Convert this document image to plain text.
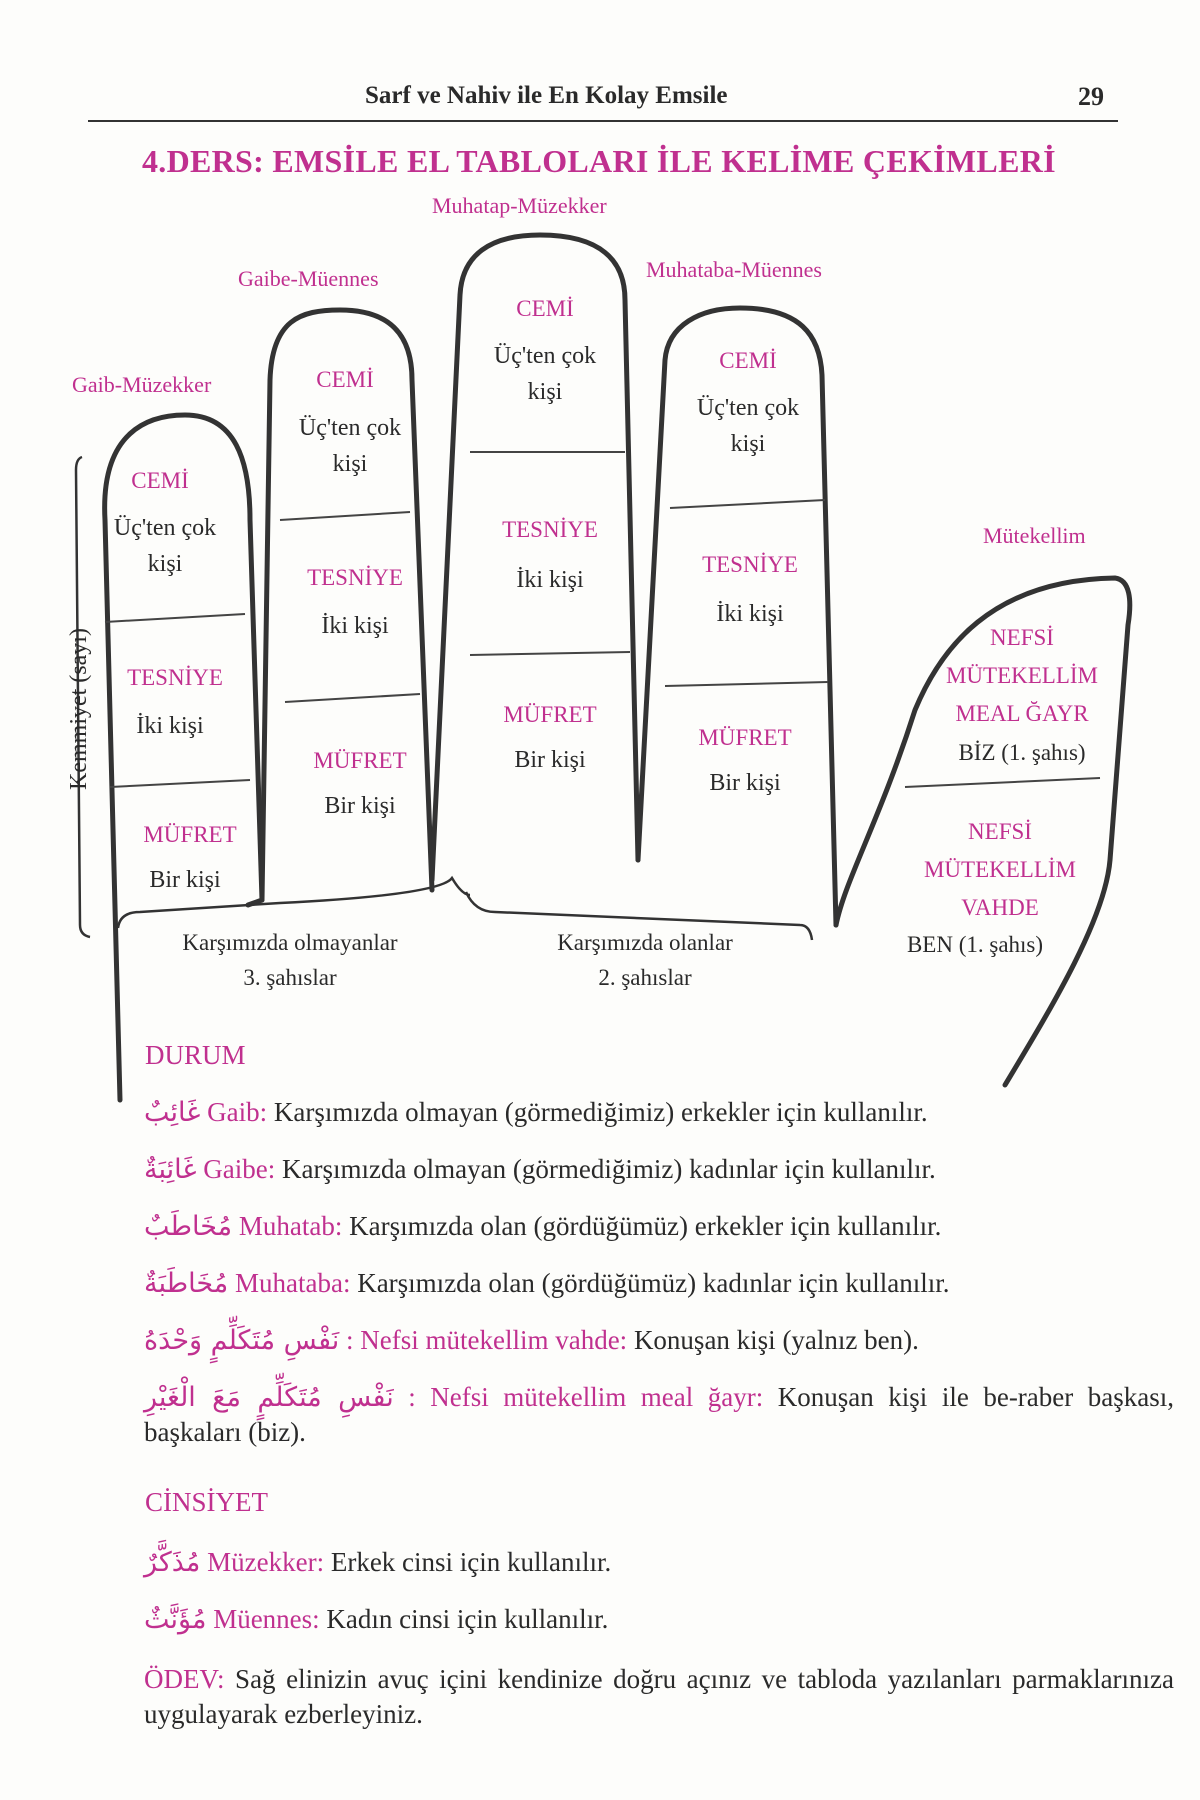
Sarf ve Nahiv ile En Kolay Emsile	29
4.DERS: EMSİLE EL TABLOLARI İLE KELİME ÇEKİMLERİ
Kemmiyet (sayı)
Gaib-Müzekker
Gaibe-Müennes
Muhatap-Müzekker
Muhataba-Müennes
Mütekellim
CEMİ
Üç'ten çok kişi
TESNİYE
İki kişi
MÜFRET
Bir kişi
CEMİ
Üç'ten çok kişi
TESNİYE
İki kişi
MÜFRET
Bir kişi
CEMİ
Üç'ten çok kişi
TESNİYE
İki kişi
MÜFRET
Bir kişi
CEMİ
Üç'ten çok kişi
TESNİYE
İki kişi
MÜFRET
Bir kişi
NEFSİ
MÜTEKELLİM
MEAL ĞAYR
BİZ (1. şahıs)
NEFSİ
MÜTEKELLİM
VAHDE
BEN (1. şahıs)
Karşımızda olmayanlar
3. şahıslar
Karşımızda olanlar
2. şahıslar
DURUM
غَائِبٌ Gaib: Karşımızda olmayan (görmediğimiz) erkekler için kullanılır.
غَائِبَةٌ Gaibe: Karşımızda olmayan (görmediğimiz) kadınlar için kullanılır.
مُخَاطَبٌ Muhatab: Karşımızda olan (gördüğümüz) erkekler için kullanılır.
مُخَاطَبَةٌ Muhataba: Karşımızda olan (gördüğümüz) kadınlar için kullanılır.
نَفْسِ مُتَكَلِّمٍ وَحْدَهُ : Nefsi mütekellim vahde: Konuşan kişi (yalnız ben).
نَفْسِ مُتَكَلِّمٍ مَعَ الْغَيْرِ : Nefsi mütekellim meal ğayr: Konuşan kişi ile be-raber başkası, başkaları (biz).
CİNSİYET
مُذَكَّرٌ Müzekker: Erkek cinsi için kullanılır.
مُؤَنَّثٌ Müennes: Kadın cinsi için kullanılır.
ÖDEV: Sağ elinizin avuç içini kendinize doğru açınız ve tabloda yazılanları parmaklarınıza uygulayarak ezberleyiniz.
